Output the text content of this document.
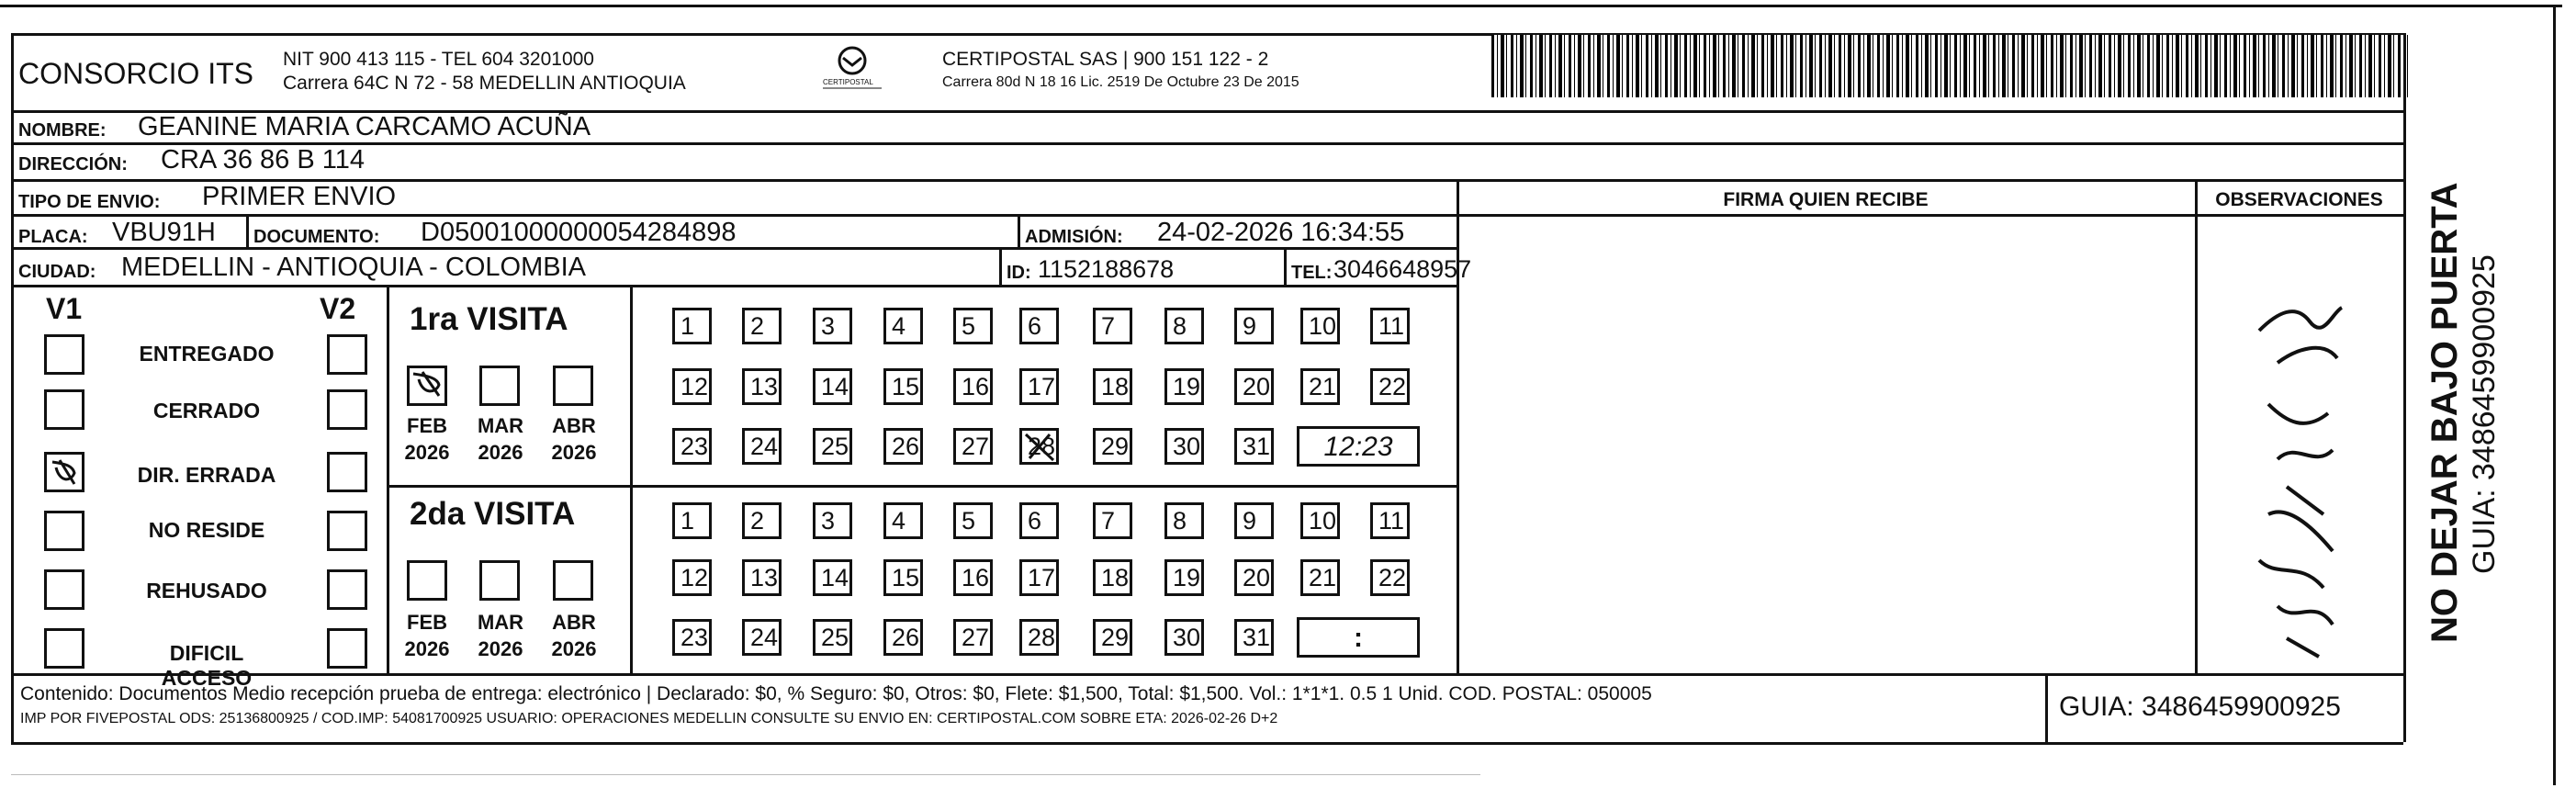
CONSORCIO ITS NIT 900 413 115 - TEL 604 3201000
Carrera 64C N 72 - 58 MEDELLIN ANTIOQUIA	CERTIPOSTAL
CERTIPOSTAL SAS | 900 151 122 - 2
Carrera 80d N 18 16 Lic. 2519 De Octubre 23 De 2015
NOMBRE: GEANINE MARIA CARCAMO ACUÑA
DIRECCIÓN: CRA 36 86 B 114
TIPO DE ENVIO: PRIMER ENVIO
PLACA: VBU91H DOCUMENTO: D05001000000054284898	ADMISIÓN: 24-02-2026 16:34:55
CIUDAD: MEDELLIN - ANTIOQUIA - COLOMBIA	ID: 1152188678	TEL: 3046648957
FIRMA QUIEN RECIBE	OBSERVACIONES
V1	V2
ENTREGADO
CERRADO
DIR. ERRADA
NO RESIDE
REHUSADO
DIFICIL ACCESO
1ra VISITA
FEB
2026
MAR
2026
ABR
2026
1	2	3	4	5	6	7	8	9	10	11
12	13	14	15	16	17	18	19	20	21	22
23	24	25	26	27	28	29	30	31	12:23
2da VISITA
FEB
2026
MAR
2026
ABR
2026
1	2	3	4	5	6	7	8	9	10	11
12	13	14	15	16	17	18	19	20	21	22
23	24	25	26	27	28	29	30	31	:
Contenido: Documentos Medio recepción prueba de entrega: electrónico | Declarado: $0, % Seguro: $0, Otros: $0, Flete: $1,500, Total: $1,500. Vol.: 1*1*1. 0.5 1 Unid. COD. POSTAL: 050005
IMP POR FIVEPOSTAL ODS: 25136800925 / COD.IMP: 54081700925 USUARIO: OPERACIONES MEDELLIN CONSULTE SU ENVIO EN: CERTIPOSTAL.COM SOBRE ETA: 2026-02-26 D+2	GUIA: 3486459900925
NO DEJAR BAJO PUERTA GUIA: 3486459900925
